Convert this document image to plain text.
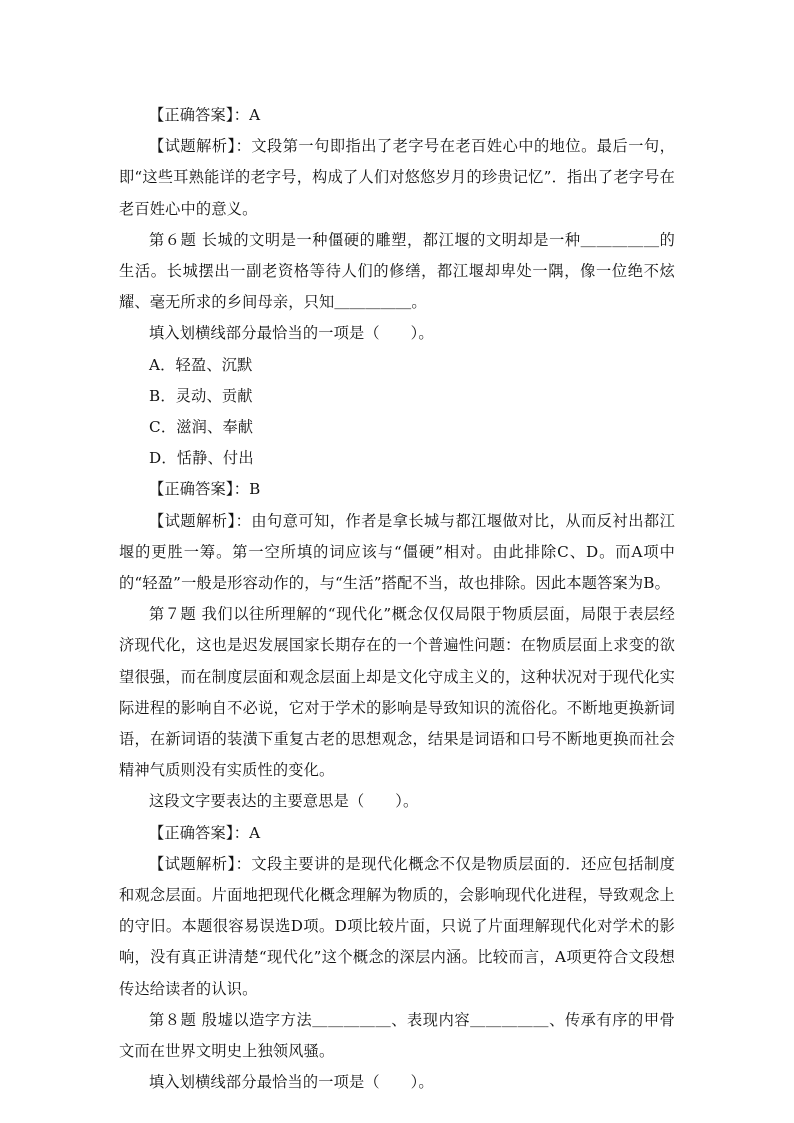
【正确答案】：A

【试题解析】：文段第一句即指出了老字号在老百姓心中的地位。最后一句，即“这些耳熟能详的老字号，构成了人们对悠悠岁月的珍贵记忆”．指出了老字号在老百姓心中的意义。

第６题 长城的文明是一种僵硬的雕塑，都江堰的文明却是一种＿＿＿＿＿的生活。长城摆出一副老资格等待人们的修缮，都江堰却卑处一隅，像一位绝不炫耀、毫无所求的乡间母亲，只知＿＿＿＿＿。

填入划横线部分最恰当的一项是（　　）。

A．轻盈、沉默

B．灵动、贡献

C．滋润、奉献

D．恬静、付出

【正确答案】：B

【试题解析】：由句意可知，作者是拿长城与都江堰做对比，从而反衬出都江堰的更胜一筹。第一空所填的词应该与“僵硬”相对。由此排除C、D。而A项中的“轻盈”一般是形容动作的，与“生活”搭配不当，故也排除。因此本题答案为B。

第７题 我们以往所理解的“现代化”概念仅仅局限于物质层面，局限于表层经济现代化，这也是迟发展国家长期存在的一个普遍性问题：在物质层面上求变的欲望很强，而在制度层面和观念层面上却是文化守成主义的，这种状况对于现代化实际进程的影响自不必说，它对于学术的影响是导致知识的流俗化。不断地更换新词语，在新词语的装潢下重复古老的思想观念，结果是词语和口号不断地更换而社会精神气质则没有实质性的变化。

这段文字要表达的主要意思是（　　）。

【正确答案】：A

【试题解析】：文段主要讲的是现代化概念不仅是物质层面的．还应包括制度和观念层面。片面地把现代化概念理解为物质的，会影响现代化进程，导致观念上的守旧。本题很容易误选D项。D项比较片面，只说了片面理解现代化对学术的影响，没有真正讲清楚“现代化”这个概念的深层内涵。比较而言，A项更符合文段想传达给读者的认识。

第８题 殷墟以造字方法＿＿＿＿＿、表现内容＿＿＿＿＿、传承有序的甲骨文而在世界文明史上独领风骚。

填入划横线部分最恰当的一项是（　　）。
